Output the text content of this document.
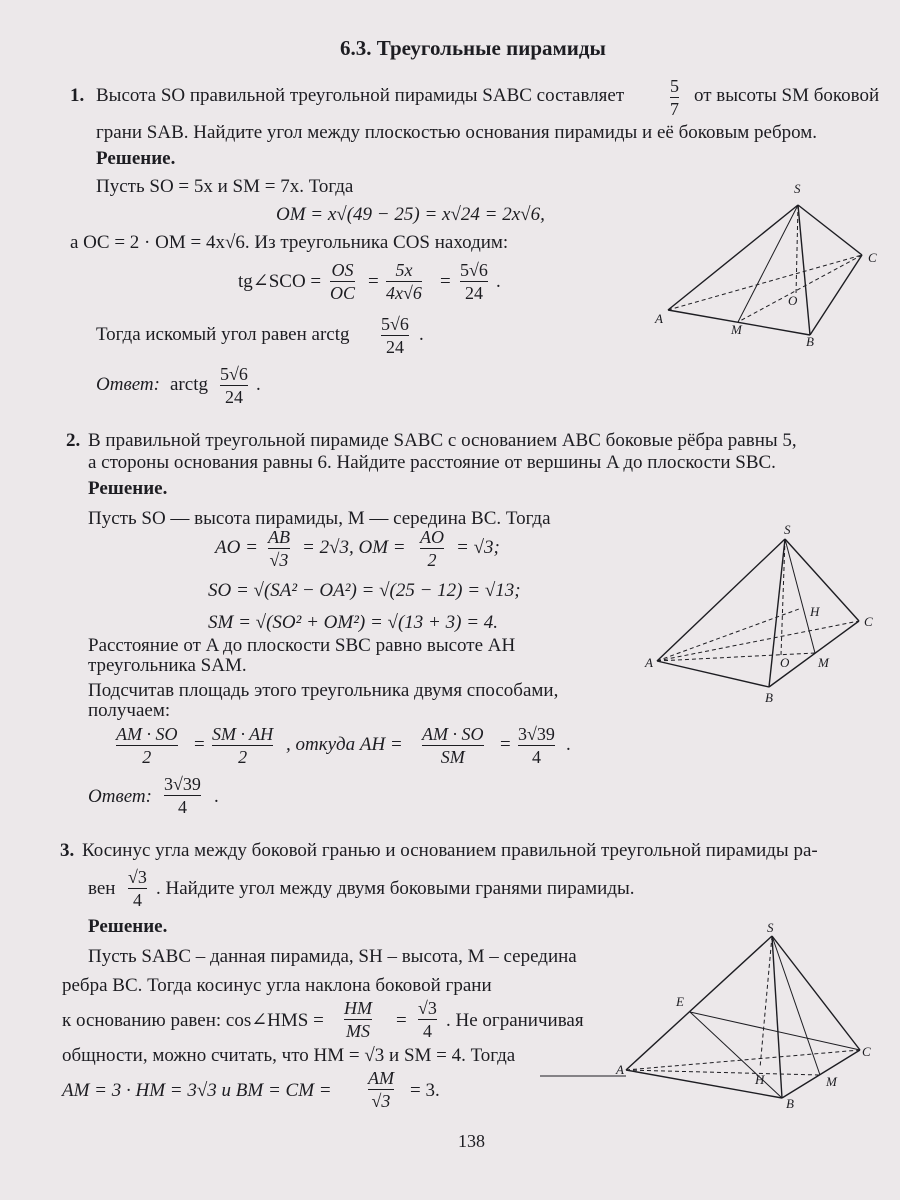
6.3. Треугольные пирамиды
1. Высота SO правильной треугольной пирамиды SABC составляет	5
7
от высоты SM боковой
грани SAB. Найдите угол между плоскостью основания пирамиды и её боковым ребром.
Решение.
Пусть SO = 5x и SM = 7x. Тогда
OM = x√(49 − 25) = x√24 = 2x√6,
а OC = 2 · OM = 4x√6. Из треугольника COS находим:
tg∠SCO =
OS
OC
=
5x
4x√6
=
5√6
24
.
Тогда искомый угол равен arctg 5√6
24
.
Ответ: arctg 5√6
24
.
S
A
B
C
M
O
2. В правильной треугольной пирамиде SABC с основанием ABC боковые рёбра равны 5,
а стороны основания равны 6. Найдите расстояние от вершины A до плоскости SBC.
Решение.
Пусть SO — высота пирамиды, M — середина BC. Тогда
AO = AB
√3
= 2√3, OM = AO
2
= √3;
SO = √(SA² − OA²) = √(25 − 12) = √13;
SM = √(SO² + OM²) = √(13 + 3) = 4.
Расстояние от A до плоскости SBC равно высоте AH
треугольника SAM.
Подсчитав площадь этого треугольника двумя способами,
получаем:
AM · SO
2
= SM · AH
2
, откуда AH = AM · SO
SM
= 3√39
4
.
Ответ:
3√39
4	.
S
A
B
C
M
O
H
3. Косинус угла между боковой гранью и основанием правильной треугольной пирамиды ра-
вен
√3
4
. Найдите угол между двумя боковыми гранями пирамиды.
Решение.
Пусть SABC – данная пирамида, SH – высота, M – середина
ребра BC. Тогда косинус угла наклона боковой грани
к основанию равен: cos∠HMS =
HM
MS =
√3
4 . Не ограничивая
общности, можно считать, что HM = √3 и SM = 4. Тогда
AM = 3 · HM = 3√3 и BM = CM =
AM
√3 = 3.
S
A
B
C
M
E
H
138
